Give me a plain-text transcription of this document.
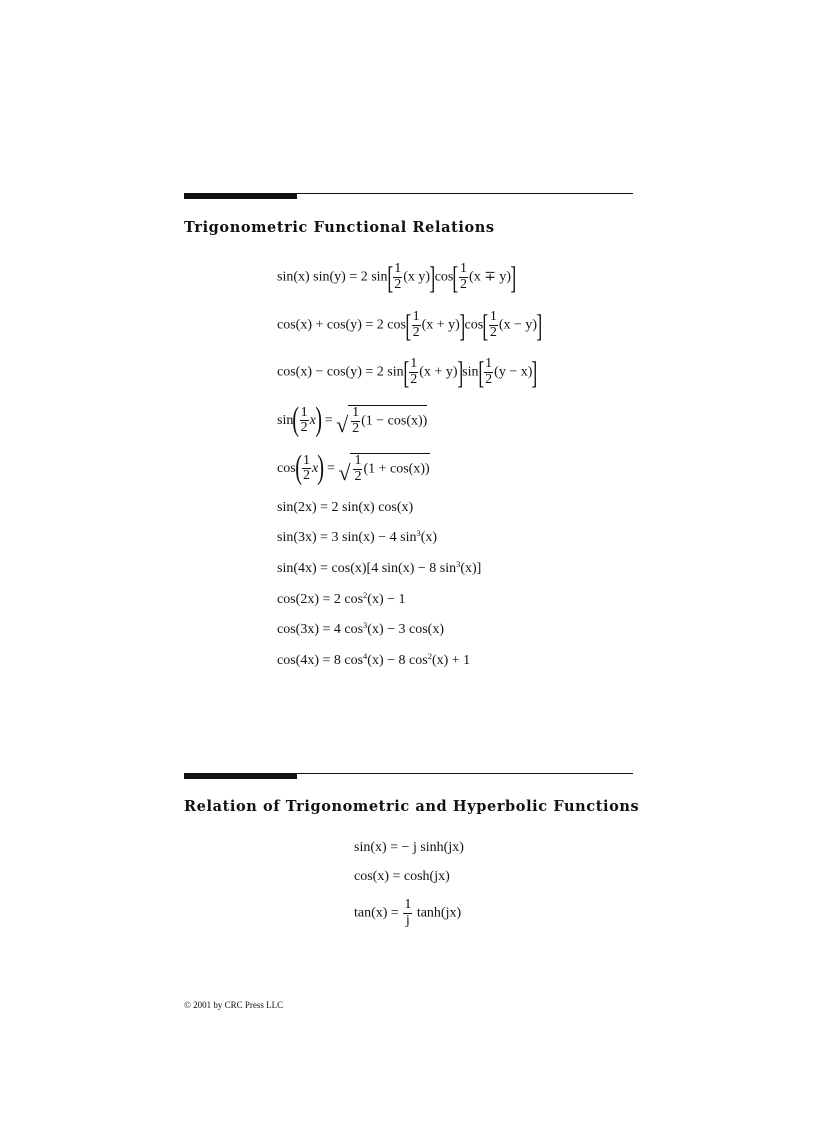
Trigonometric Functional Relations
sin(x) sin(y) = 2 $\sin[ \frac{1}{2} (x$ $y)]\cos[ \frac{1}{2} (x \mp y)]$
cos(x) + cos(y) = 2 $\cos[ \frac{1}{2} (x + y)]\cos[ \frac{1}{2} (x - y)]$
cos(x) − cos(y) = 2 $\sin[ \frac{1}{2} (x + y)]\sin[ \frac{1}{2} (y - x)]$
$\sin( \frac{1}{2} x)$ = √ $\frac{1}{2} (1 - \cos(x))$
$\cos( \frac{1}{2} x)$ = √ $\frac{1}{2} (1 + \cos(x))$
sin(2x) = 2 sin(x) cos(x)
sin(3x) = 3 sin(x) − 4 $\sin^3(x)$
sin(4x) = cos(x)[4 sin(x) − 8 $\sin^3(x)$]
cos(2x) = 2 $\cos^2(x) - 1$
cos(3x) = 4 $\cos^3(x) - 3$ cos(x)
cos(4x) = 8 $\cos^4(x) - 8$ $\cos^2(x) + 1$
Relation of Trigonometric and Hyperbolic Functions
sin(x) = − j sinh(jx)
cos(x) = cosh(jx)
$\tan(x) = \frac{1}{j} \tanh(jx)$
© 2001 by CRC Press LLC
